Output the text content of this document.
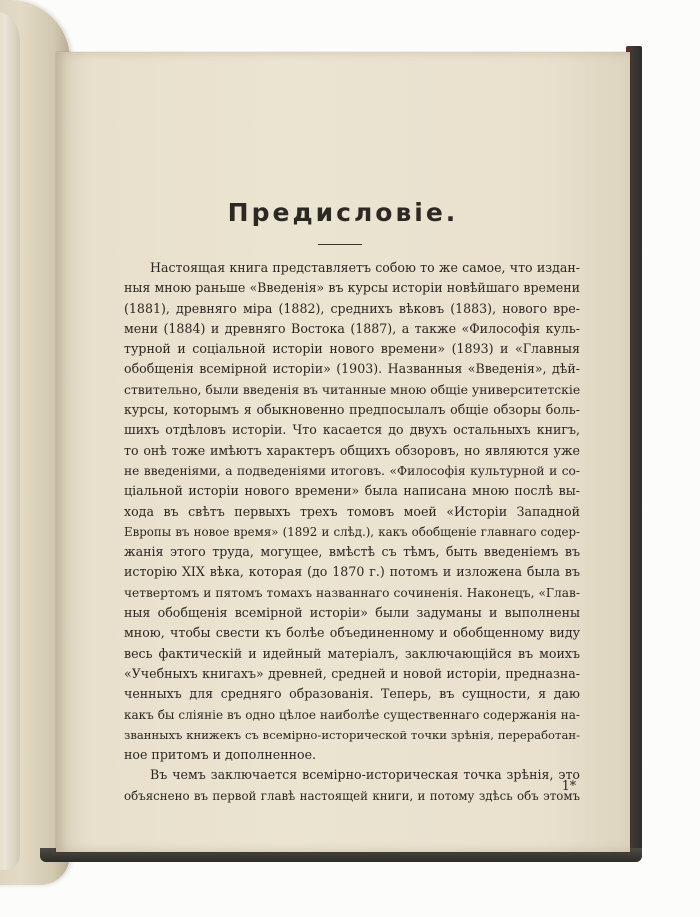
Предисловіе.
Настоящая книга представляетъ собою то же самое, что издан-
ныя мною раньше «Введенія» въ курсы исторіи новѣйшаго времени
(1881), древняго міра (1882), среднихъ вѣковъ (1883), нового вре-
мени (1884) и древняго Востока (1887), а также «Философія куль-
турной и соціальной исторіи нового времени» (1893) и «Главныя
обобщенія всемірной исторіи» (1903). Названныя «Введенія», дѣй-
ствительно, были введенія въ читанные мною общіе университетскіе
курсы, которымъ я обыкновенно предпосылалъ общіе обзоры боль-
шихъ отдѣловъ исторіи. Что касается до двухъ остальныхъ книгъ,
то онѣ тоже имѣютъ характеръ общихъ обзоровъ, но являются уже
не введеніями, а подведеніями итоговъ. «Философія культурной и со-
ціальной исторіи нового времени» была написана мною послѣ вы-
хода въ свѣтъ первыхъ трехъ томовъ моей «Исторіи Западной
Европы въ новое время» (1892 и слѣд.), какъ обобщеніе главнаго содер-
жанія этого труда, могущее, вмѣстѣ съ тѣмъ, быть введеніемъ въ
исторію XIX вѣка, которая (до 1870 г.) потомъ и изложена была въ
четвертомъ и пятомъ томахъ названнаго сочиненія. Наконецъ, «Глав-
ныя обобщенія всемірной исторіи» были задуманы и выполнены
мною, чтобы свести къ болѣе объединенному и обобщенному виду
весь фактическій и идейный матеріалъ, заключающійся въ моихъ
«Учебныхъ книгахъ» древней, средней и новой исторіи, предназна-
ченныхъ для средняго образованія. Теперь, въ сущности, я даю
какъ бы сліяніе въ одно цѣлое наиболѣе существеннаго содержанія на-
званныхъ книжекъ съ всемірно-исторической точки зрѣнія, переработан-
ное притомъ и дополненное.
Въ чемъ заключается всемірно-историческая точка зрѣнія, это
объяснено въ первой главѣ настоящей книги, и потому здѣсь объ этомъ

1*
